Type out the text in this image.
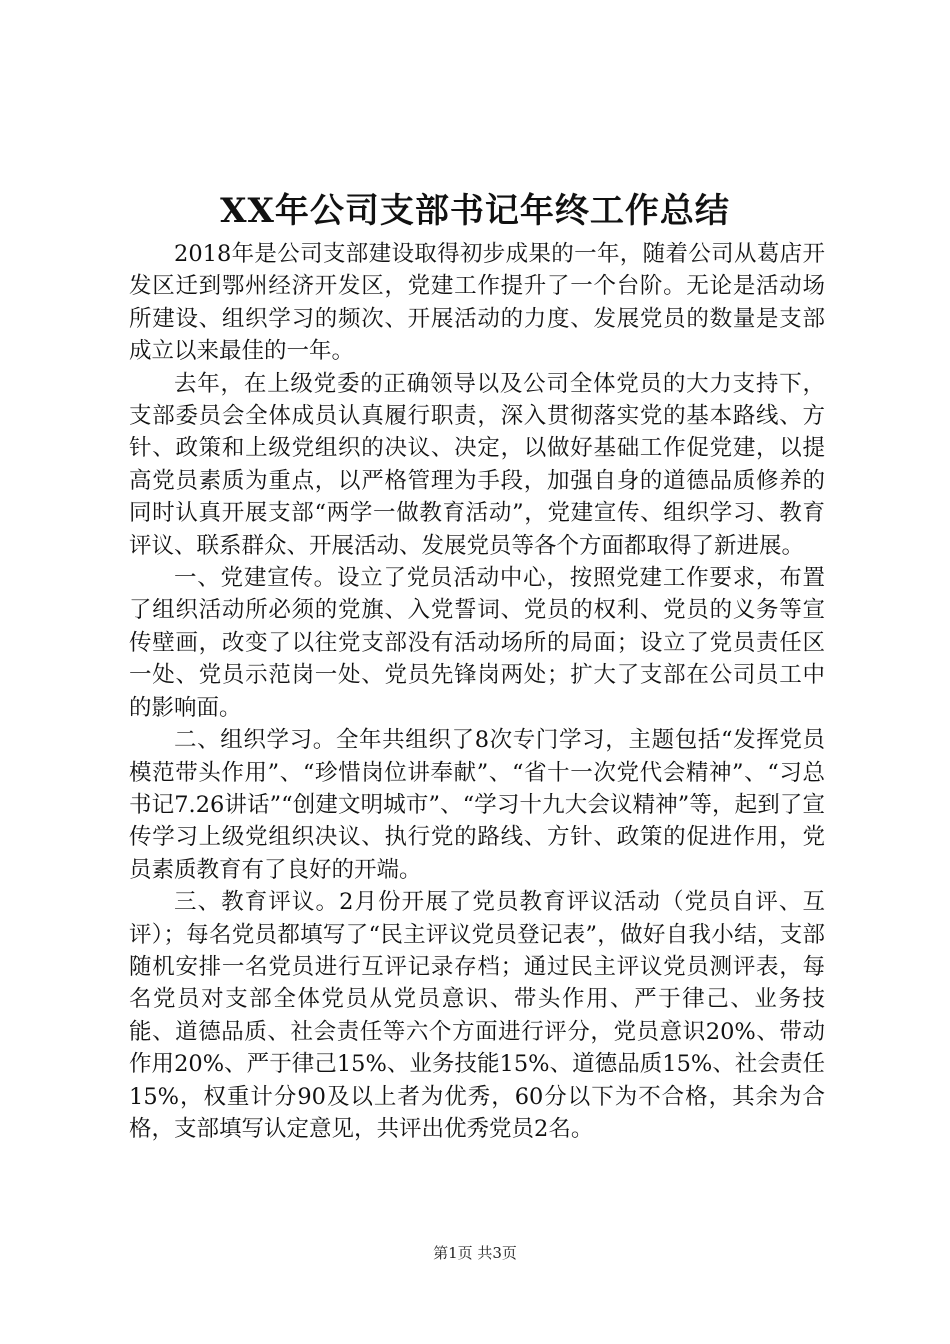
XX年公司支部书记年终工作总结

2018年是公司支部建设取得初步成果的一年，随着公司从葛店开发区迁到鄂州经济开发区，党建工作提升了一个台阶。无论是活动场所建设、组织学习的频次、开展活动的力度、发展党员的数量是支部成立以来最佳的一年。

去年，在上级党委的正确领导以及公司全体党员的大力支持下，支部委员会全体成员认真履行职责，深入贯彻落实党的基本路线、方针、政策和上级党组织的决议、决定，以做好基础工作促党建，以提高党员素质为重点，以严格管理为手段，加强自身的道德品质修养的同时认真开展支部“两学一做教育活动”，党建宣传、组织学习、教育评议、联系群众、开展活动、发展党员等各个方面都取得了新进展。

一、党建宣传。设立了党员活动中心，按照党建工作要求，布置了组织活动所必须的党旗、入党誓词、党员的权利、党员的义务等宣传壁画，改变了以往党支部没有活动场所的局面；设立了党员责任区一处、党员示范岗一处、党员先锋岗两处；扩大了支部在公司员工中的影响面。

二、组织学习。全年共组织了8次专门学习，主题包括“发挥党员模范带头作用”、“珍惜岗位讲奉献”、“省十一次党代会精神”、“习总书记7.26讲话”“创建文明城市”、“学习十九大会议精神”等，起到了宣传学习上级党组织决议、执行党的路线、方针、政策的促进作用，党员素质教育有了良好的开端。

三、教育评议。2月份开展了党员教育评议活动（党员自评、互评）；每名党员都填写了“民主评议党员登记表”，做好自我小结，支部随机安排一名党员进行互评记录存档；通过民主评议党员测评表，每名党员对支部全体党员从党员意识、带头作用、严于律己、业务技能、道德品质、社会责任等六个方面进行评分，党员意识20%、带动作用20%、严于律己15%、业务技能15%、道德品质15%、社会责任15%，权重计分90及以上者为优秀，60分以下为不合格，其余为合格，支部填写认定意见，共评出优秀党员2名。

第1页 共3页
